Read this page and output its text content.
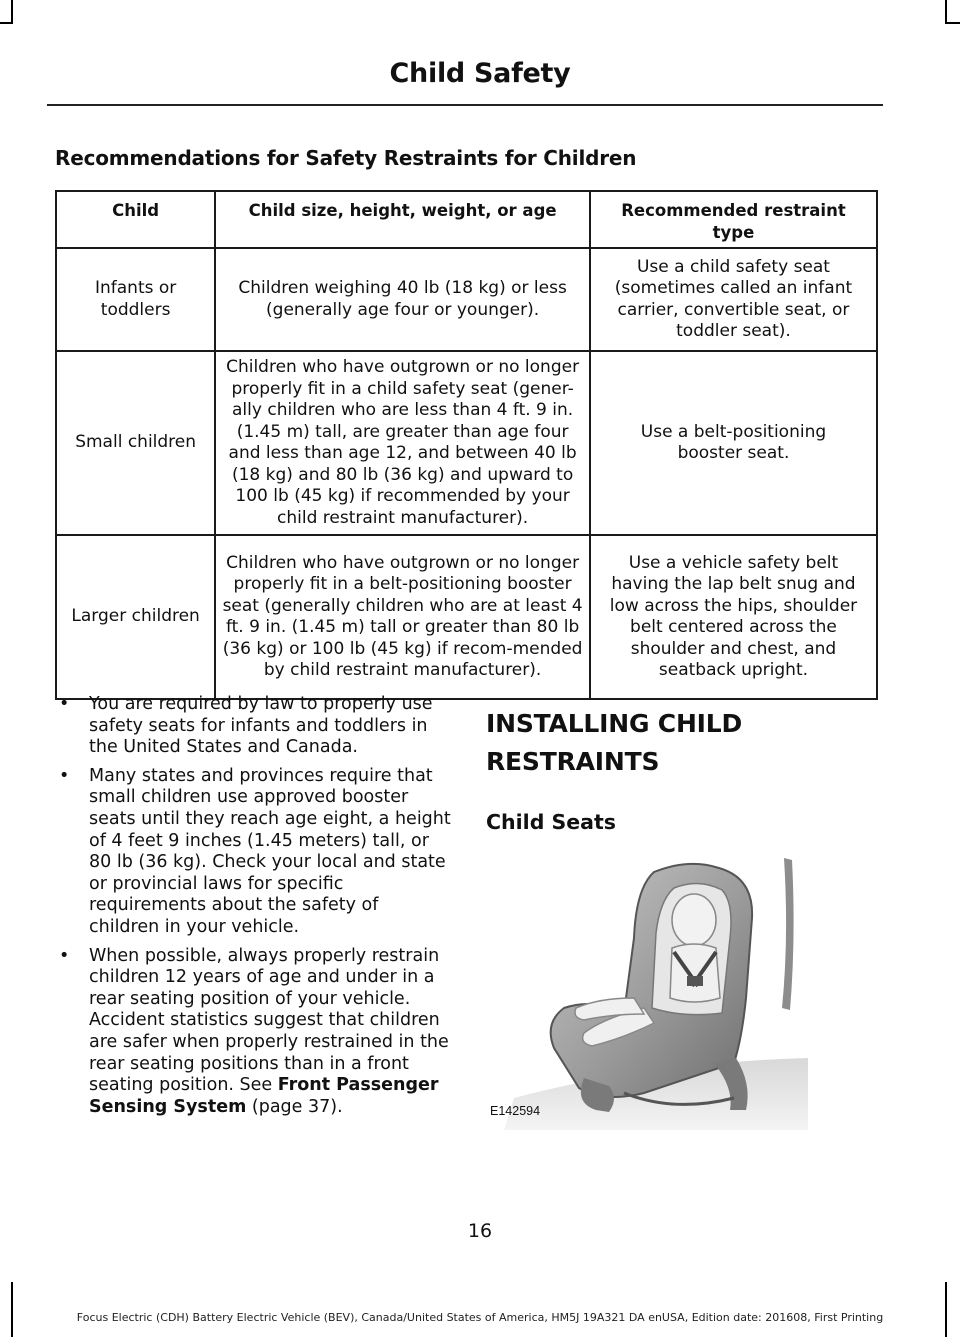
Child Safety
Recommendations for Safety Restraints for Children
Child	Child size, height, weight, or age	Recommended restraint type
Infants or toddlers	Children weighing 40 lb (18 kg) or less (generally age four or younger).	Use a child safety seat (sometimes called an infant carrier, convertible seat, or toddler seat).
Small children	Children who have outgrown or no longer properly fit in a child safety seat (gener-ally children who are less than 4 ft. 9 in. (1.45 m) tall, are greater than age four and less than age 12, and between 40 lb (18 kg) and 80 lb (36 kg) and upward to 100 lb (45 kg) if recommended by your child restraint manufacturer).	Use a belt-positioning booster seat.
Larger children	Children who have outgrown or no longer properly fit in a belt-positioning booster seat (generally children who are at least 4 ft. 9 in. (1.45 m) tall or greater than 80 lb (36 kg) or 100 lb (45 kg) if recom-mended by child restraint manufacturer).	Use a vehicle safety belt having the lap belt snug and low across the hips, shoulder belt centered across the shoulder and chest, and seatback upright.
• You are required by law to properly use safety seats for infants and toddlers in the United States and Canada.
• Many states and provinces require that small children use approved booster seats until they reach age eight, a height of 4 feet 9 inches (1.45 meters) tall, or 80 lb (36 kg). Check your local and state or provincial laws for specific requirements about the safety of children in your vehicle.
• When possible, always properly restrain children 12 years of age and under in a rear seating position of your vehicle. Accident statistics suggest that children are safer when properly restrained in the rear seating positions than in a front seating position. See Front Passenger Sensing System (page 37).
INSTALLING CHILD
RESTRAINTS
Child Seats
E142594
16
Focus Electric (CDH) Battery Electric Vehicle (BEV), Canada/United States of America, HM5J 19A321 DA enUSA, Edition date: 201608, First Printing
